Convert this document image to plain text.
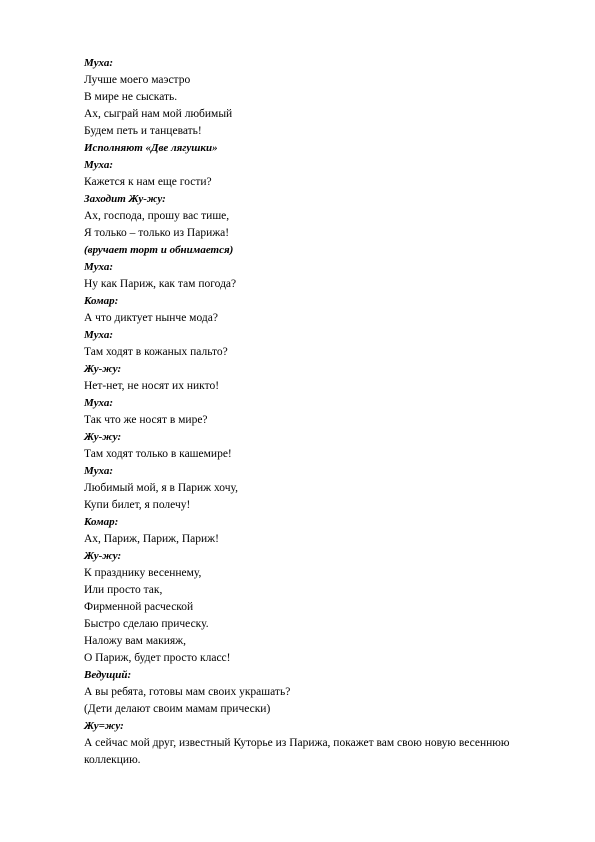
Муха:
Лучше моего маэстро
В мире не сыскать.
Ах, сыграй нам мой любимый
Будем петь и танцевать!
Исполняют «Две лягушки»
Муха:
Кажется к нам еще гости?
Заходит Жу-жу:
Ах, господа, прошу вас тише,
Я только – только из Парижа!
(вручает торт и обнимается)
Муха:
Ну как Париж, как там погода?
Комар:
А что диктует нынче мода?
Муха:
Там ходят в кожаных пальто?
Жу-жу:
Нет-нет, не носят их никто!
Муха:
Так что же носят в мире?
Жу-жу:
Там ходят только в кашемире!
Муха:
Любимый мой, я в Париж хочу,
Купи билет, я полечу!
Комар:
Ах, Париж, Париж, Париж!
Жу-жу:
К празднику весеннему,
Или просто так,
Фирменной расческой
Быстро сделаю прическу.
Наложу вам макияж,
О Париж, будет просто класс!
Ведущий:
А вы ребята, готовы мам своих украшать?
(Дети делают своим мамам прически)
Жу=жу:
А сейчас мой друг, известный Куторье из Парижа, покажет вам свою новую весеннюю коллекцию.
